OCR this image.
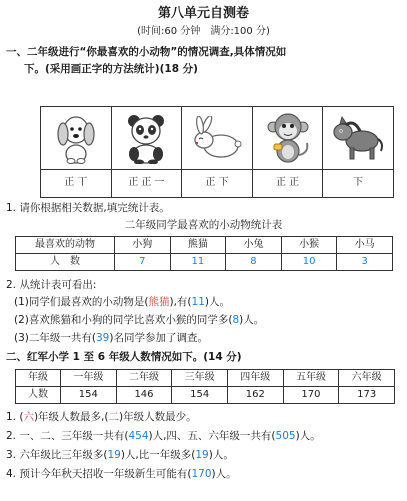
第八单元自测卷
(时间:60 分钟　满分:100 分)
一、二年级进行“你最喜欢的小动物”的情况调查,具体情况如
下。(采用画正字的方法统计)(18 分)
正 丅	正 正 一	正 下	正 正	下
1. 请你根据相关数据,填完统计表。
二年级同学最喜欢的小动物统计表
最喜欢的动物	小狗	熊猫	小兔	小猴	小马
人　数	7	11	8	10	3
2. 从统计表可看出:
(1)同学们最喜欢的小动物是(熊猫),有(11)人。
(2)喜欢熊猫和小狗的同学比喜欢小猴的同学多(8)人。
(3)二年级一共有(39)名同学参加了调查。
二、红军小学 1 至 6 年级人数情况如下。(14 分)
年级	一年级	二年级	三年级	四年级	五年级	六年级
人数	154	146	154	162	170	173
1. (六)年级人数最多,(二)年级人数最少。
2. 一、二、三年级一共有(454)人,四、五、六年级一共有(505)人。
3. 六年级比三年级多(19)人,比一年级多(19)人。
4. 预计今年秋天招收一年级新生可能有(170)人。
